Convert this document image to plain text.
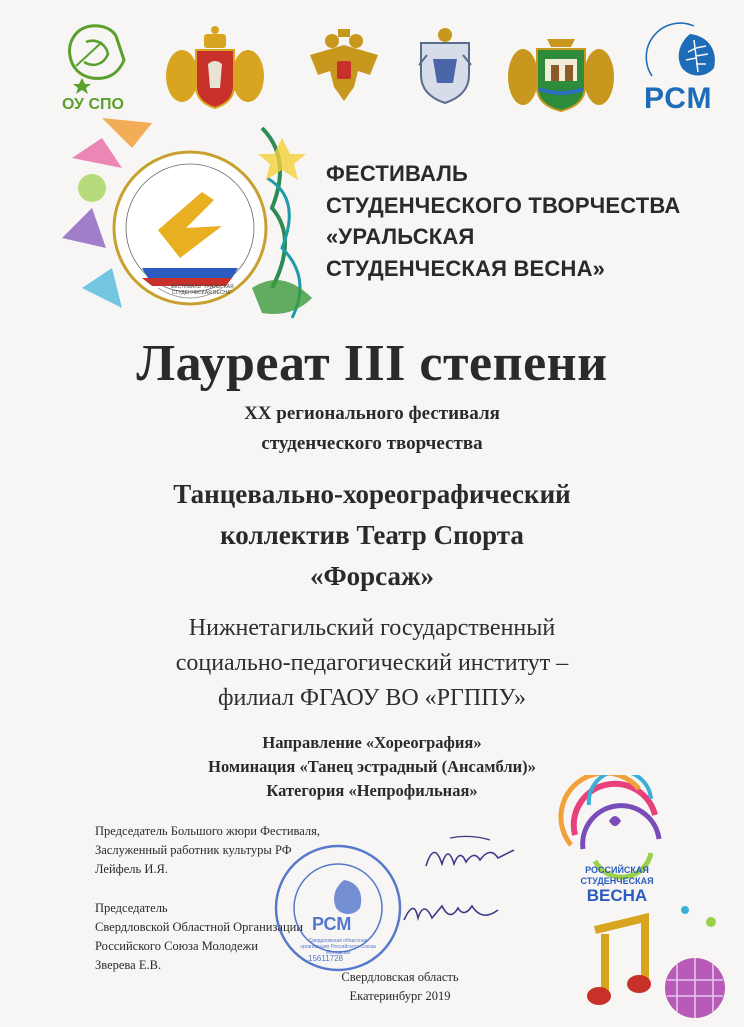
ОУ СПО	РСМ
ФЕСТИВАЛЬ "УРАЛЬСКАЯ СТУДЕНЧЕСКАЯ ВЕСНА"
ФЕСТИВАЛЬ
СТУДЕНЧЕСКОГО ТВОРЧЕСТВА
«УРАЛЬСКАЯ
СТУДЕНЧЕСКАЯ ВЕСНА»
Лауреат III степени
XX регионального фестиваля
студенческого творчества
Танцевально-хореографический
коллектив Театр Спорта
«Форсаж»
Нижнетагильский государственный
социально-педагогический институт –
филиал ФГАОУ ВО «РГППУ»
Направление «Хореография»
Номинация «Танец эстрадный (Ансамбли)»
Категория «Непрофильная»
Председатель Большого жюри Фестиваля,
Заслуженный работник культуры РФ
Лейфель И.Я.
Председатель
Свердловской Областной Организации
Российского Союза Молодежи
Зверева Е.В.
РСМ
Свердловская областная организация Российского Союза Молодежи
15611728
РОССИЙСКАЯ
СТУДЕНЧЕСКАЯ
ВЕСНА
Свердловская область
Екатеринбург 2019
